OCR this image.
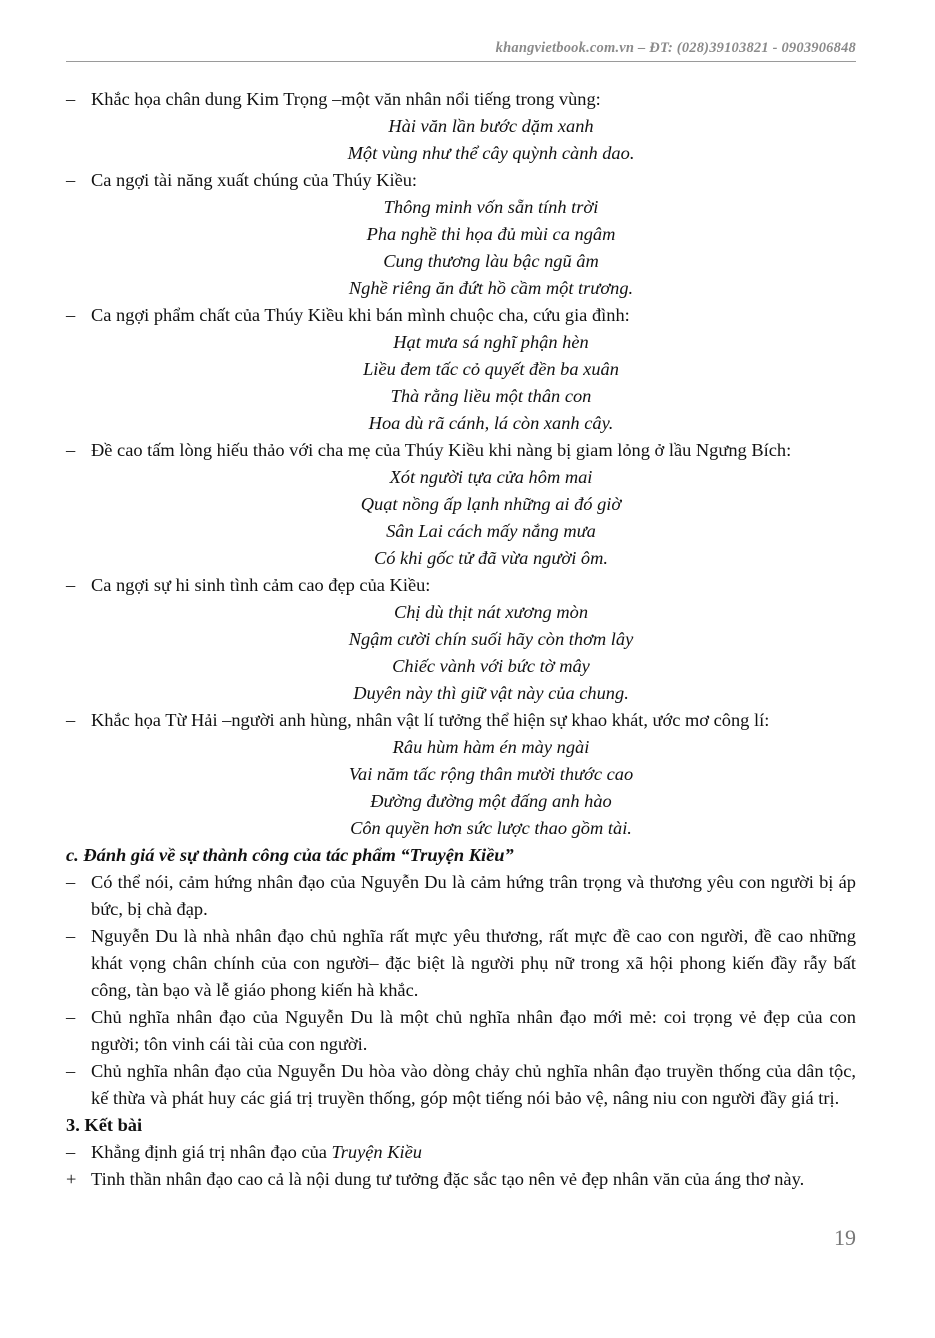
khangvietbook.com.vn – ĐT: (028)39103821 - 0903906848
– Khắc họa chân dung Kim Trọng –một văn nhân nổi tiếng trong vùng:
Hài văn lần bước dặm xanh
Một vùng như thể cây quỳnh cành dao.
– Ca ngợi tài năng xuất chúng của Thúy Kiều:
Thông minh vốn sẵn tính trời
Pha nghề thi họa đủ mùi ca ngâm
Cung thương làu bậc ngũ âm
Nghề riêng ăn đứt hồ cầm một trương.
– Ca ngợi phẩm chất của Thúy Kiều khi bán mình chuộc cha, cứu gia đình:
Hạt mưa sá nghĩ phận hèn
Liều đem tấc cỏ quyết đền ba xuân
Thà rằng liều một thân con
Hoa dù rã cánh, lá còn xanh cây.
– Đề cao tấm lòng hiếu thảo với cha mẹ của Thúy Kiều khi nàng bị giam lỏng ở lầu Ngưng Bích:
Xót người tựa cửa hôm mai
Quạt nồng ấp lạnh những ai đó giờ
Sân Lai cách mấy nắng mưa
Có khi gốc tử đã vừa người ôm.
– Ca ngợi sự hi sinh tình cảm cao đẹp của Kiều:
Chị dù thịt nát xương mòn
Ngậm cười chín suối hãy còn thơm lây
Chiếc vành với bức tờ mây
Duyên này thì giữ vật này của chung.
– Khắc họa Từ Hải –người anh hùng, nhân vật lí tưởng thể hiện sự khao khát, ước mơ công lí:
Râu hùm hàm én mày ngài
Vai năm tấc rộng thân mười thước cao
Đường đường một đấng anh hào
Côn quyền hơn sức lược thao gồm tài.
c. Đánh giá về sự thành công của tác phẩm “Truyện Kiều”
– Có thể nói, cảm hứng nhân đạo của Nguyễn Du là cảm hứng trân trọng và thương yêu con người bị áp bức, bị chà đạp.
– Nguyễn Du là nhà nhân đạo chủ nghĩa rất mực yêu thương, rất mực đề cao con người, đề cao những khát vọng chân chính của con người– đặc biệt là người phụ nữ trong xã hội phong kiến đầy rẫy bất công, tàn bạo và lễ giáo phong kiến hà khắc.
– Chủ nghĩa nhân đạo của Nguyễn Du là một chủ nghĩa nhân đạo mới mẻ: coi trọng vẻ đẹp của con người; tôn vinh cái tài của con người.
– Chủ nghĩa nhân đạo của Nguyễn Du hòa vào dòng chảy chủ nghĩa nhân đạo truyền thống của dân tộc, kế thừa và phát huy các giá trị truyền thống, góp một tiếng nói bảo vệ, nâng niu con người đầy giá trị.
3. Kết bài
– Khẳng định giá trị nhân đạo của Truyện Kiều
+ Tinh thần nhân đạo cao cả là nội dung tư tưởng đặc sắc tạo nên vẻ đẹp nhân văn của áng thơ này.
19
